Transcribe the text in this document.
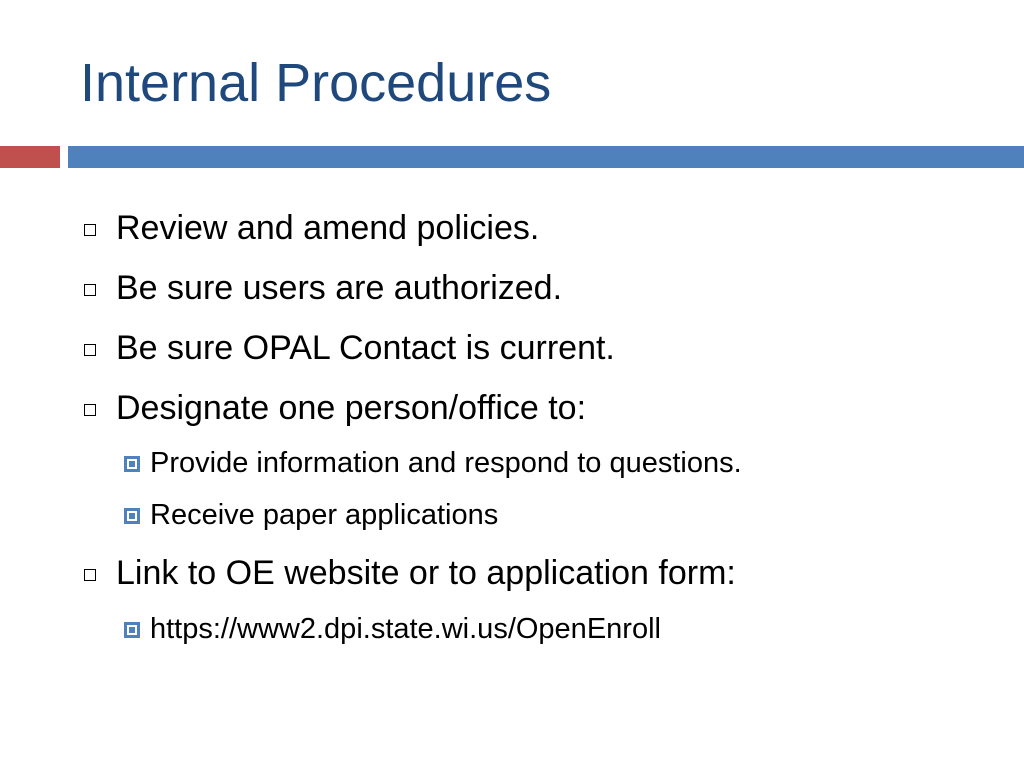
Internal Procedures
Review and amend policies.
Be sure users are authorized.
Be sure OPAL Contact is current.
Designate one person/office to:
Provide information and respond to questions.
Receive paper applications
Link to OE website or to application form:
https://www2.dpi.state.wi.us/OpenEnroll
